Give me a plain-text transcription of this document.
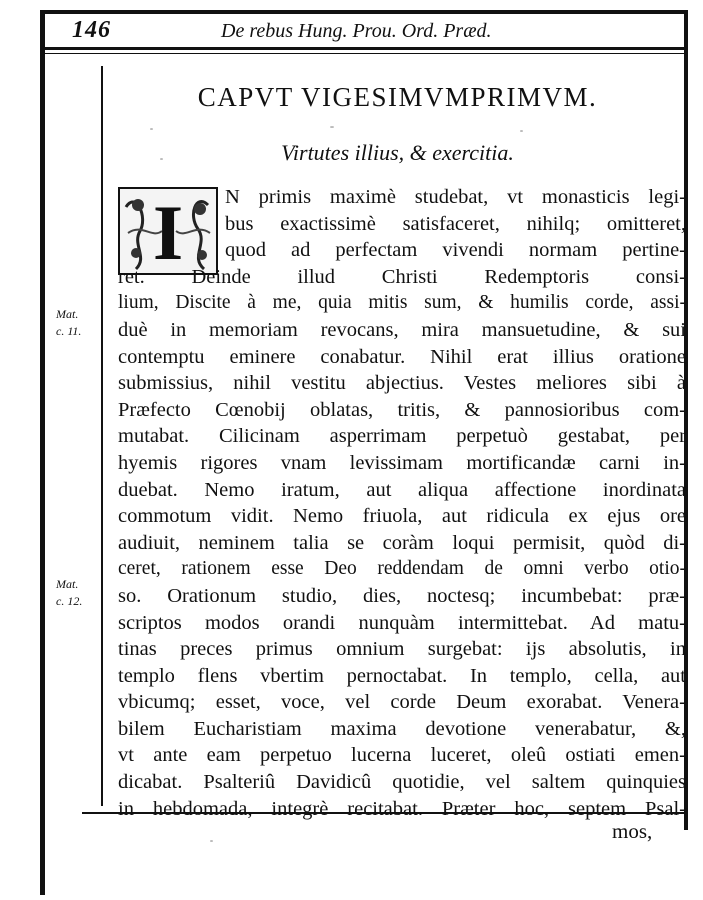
146	De rebus Hung. Prou. Ord. Præd.
CAPVT VIGESIMVMPRIMVM.
Virtutes illius, & exercitia.
I	N primis maximè studebat, vt monasticis legi-
bus exactissimè satisfaceret, nihilq; omitteret,
quod ad perfectam vivendi normam pertine-
ret. Deinde illud Christi Redemptoris consi-
lium, Discite à me, quia mitis sum, & humilis corde, assi-
duè in memoriam revocans, mira mansuetudine, & sui
contemptu eminere conabatur. Nihil erat illius oratione
submissius, nihil vestitu abjectius. Vestes meliores sibi à
Præfecto Cœnobij oblatas, tritis, & pannosioribus com-
mutabat. Cilicinam asperrimam perpetuò gestabat, per
hyemis rigores vnam levissimam mortificandæ carni in-
duebat. Nemo iratum, aut aliqua affectione inordinata
commotum vidit. Nemo friuola, aut ridicula ex ejus ore
audiuit, neminem talia se coràm loqui permisit, quòd di-
ceret, rationem esse Deo reddendam de omni verbo otio-
so. Orationum studio, dies, noctesq; incumbebat: præ-
scriptos modos orandi nunquàm intermittebat. Ad matu-
tinas preces primus omnium surgebat: ijs absolutis, in
templo flens vbertim pernoctabat. In templo, cella, aut
vbicumq; esset, voce, vel corde Deum exorabat. Venera-
bilem Eucharistiam maxima devotione venerabatur, &,
vt ante eam perpetuo lucerna luceret, oleû ostiati emen-
dicabat. Psalteriû Davidicû quotidie, vel saltem quinquies
in hebdomada, integrè recitabat. Præter hoc, septem Psal-
Mat.
c. 11.
Mat.
c. 12.
mos,
